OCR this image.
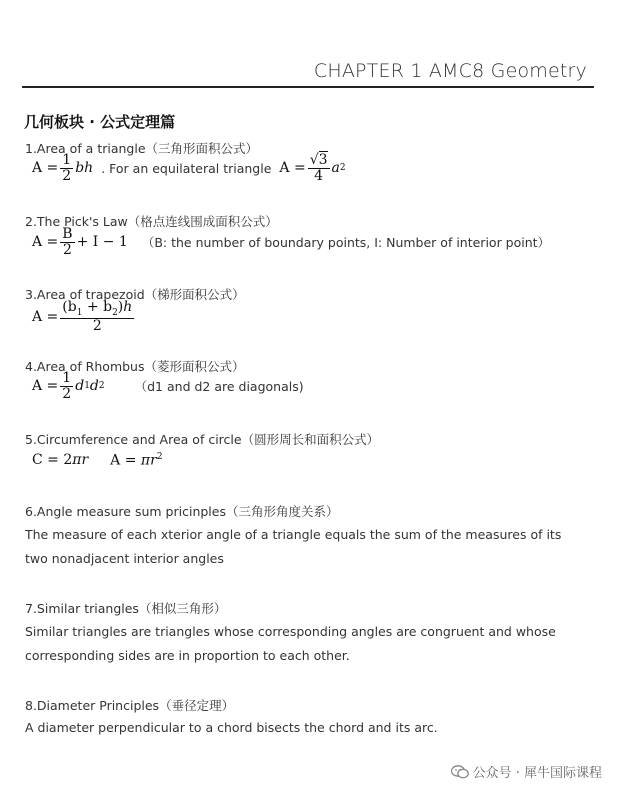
CHAPTER 1 AMC8 Geometry
几何板块 · 公式定理篇
1.Area of a triangle（三角形面积公式）
$A = \frac{1}{2}$ bh . For an equilateral triangle $A = \frac{√3}{4}$ a 2
2.The Pick's Law（格点连线围成面积公式）
$A = \frac{B}{2} + I - 1$ （B: the number of boundary points, I: Number of interior point）
3.Area of trapezoid（梯形面积公式）
$A = \frac{(b_1 + b_2)h}{2}$
4.Area of Rhombus（菱形面积公式）
$A = \frac{1}{2}$ d 1 d 2 （d1 and d2 are diagonals)
5.Circumference and Area of circle（圆形周长和面积公式）
C = 2πr $A = \pi r^2$
6.Angle measure sum pricinples（三角形角度关系）
The measure of each xterior angle of a triangle equals the sum of the measures of its
two nonadjacent interior angles
7.Similar triangles（相似三角形）
Similar triangles are triangles whose corresponding angles are congruent and whose
corresponding sides are in proportion to each other.
8.Diameter Principles（垂径定理）
A diameter perpendicular to a chord bisects the chord and its arc.
公众号 · 犀牛国际课程
